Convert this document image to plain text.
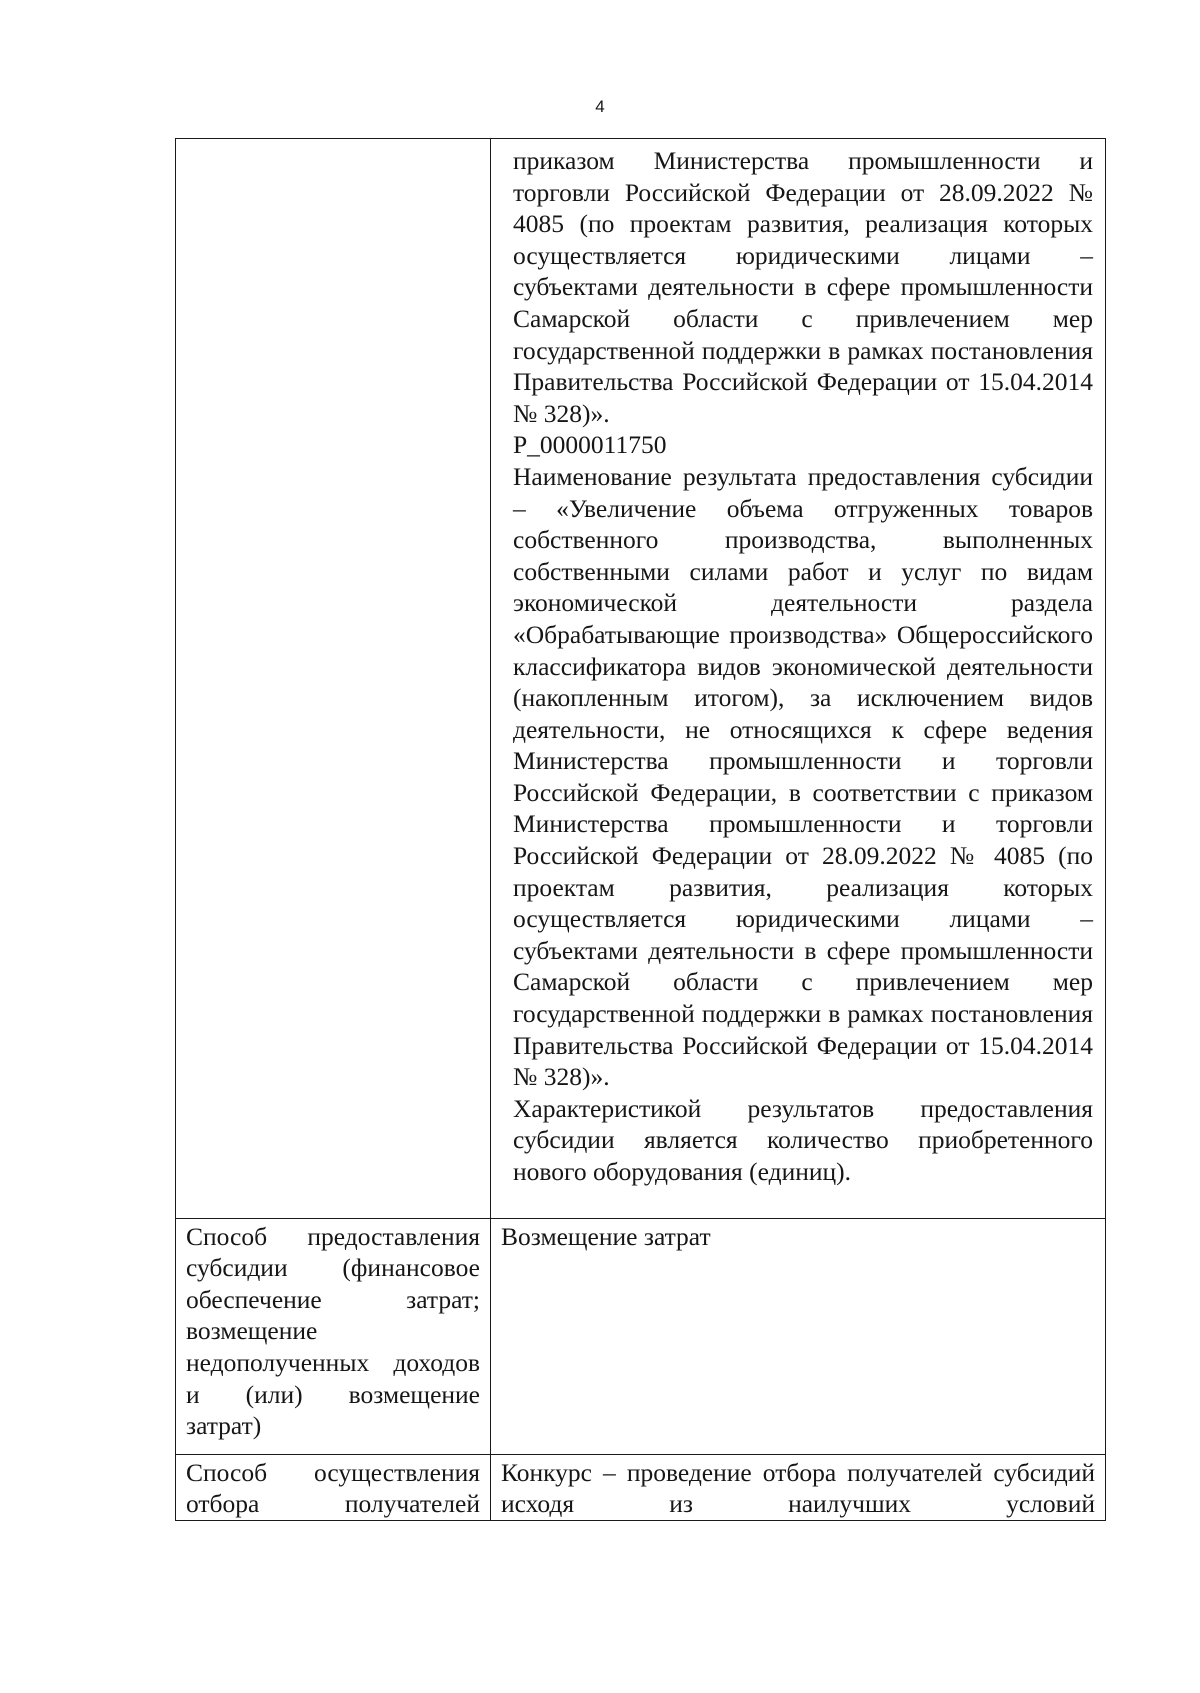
4

	приказом Министерства промышленности и торговли Российской Федерации от 28.09.2022 № 4085 (по проектам развития, реализация которых осуществляется юридическими лицами – субъектами деятельности в сфере промышленности Самарской области с привлечением мер государственной поддержки в рамках постановления Правительства Российской Федерации от 15.04.2014 № 328)».

P_0000011750

Наименование результата предоставления субсидии – «Увеличение объема отгруженных товаров собственного производства, выполненных собственными силами работ и услуг по видам экономической деятельности раздела «Обрабатывающие производства» Общероссийского классификатора видов экономической деятельности (накопленным итогом), за исключением видов деятельности, не относящихся к сфере ведения Министерства промышленности и торговли Российской Федерации, в соответствии с приказом Министерства промышленности и торговли Российской Федерации от 28.09.2022 № 4085 (по проектам развития, реализация которых осуществляется юридическими лицами – субъектами деятельности в сфере промышленности Самарской области с привлечением мер государственной поддержки в рамках постановления Правительства Российской Федерации от 15.04.2014 № 328)».

Характеристикой результатов предоставления субсидии является количество приобретенного нового оборудования (единиц).

Способ предоставления субсидии (финансовое обеспечение затрат; возмещение недополученных доходов и (или) возмещение затрат)	Возмещение затрат

Способ осуществления отбора получателей	Конкурс – проведение отбора получателей субсидий исходя из наилучших условий
